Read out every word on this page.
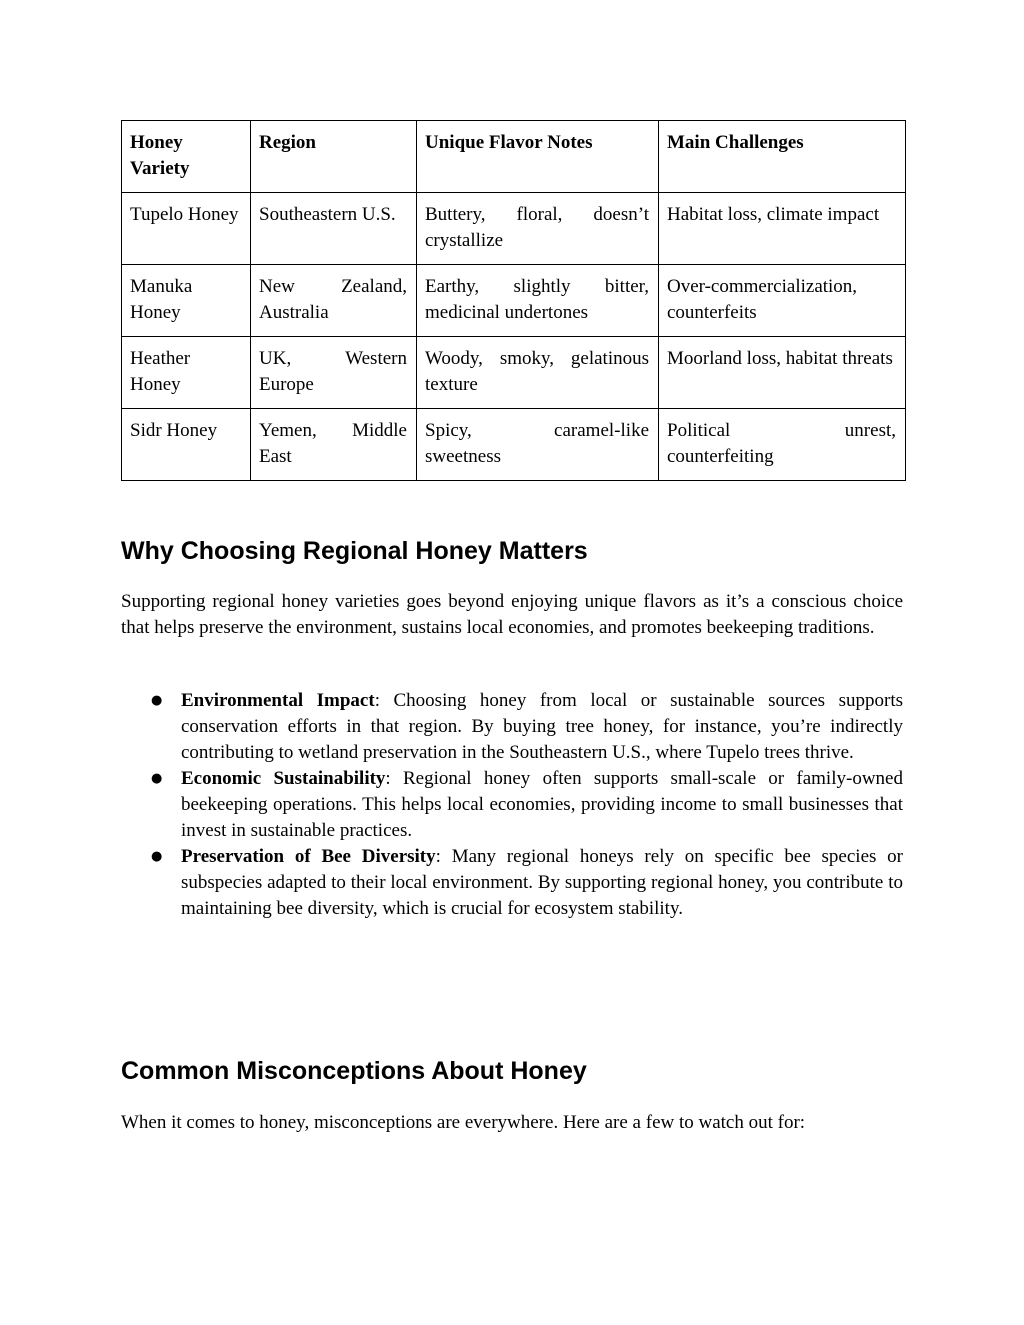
Honey Variety	Region	Unique Flavor Notes	Main Challenges
Tupelo Honey	Southeastern U.S.	Buttery, floral, doesn’t crystallize	Habitat loss, climate impact
Manuka Honey	New Zealand, Australia	Earthy, slightly bitter, medicinal undertones	Over-commercialization, counterfeits
Heather Honey	UK, Western Europe	Woody, smoky, gelatinous texture	Moorland loss, habitat threats
Sidr Honey	Yemen, Middle East	Spicy, caramel-like sweetness	Political unrest, counterfeiting
Why Choosing Regional Honey Matters

Supporting regional honey varieties goes beyond enjoying unique flavors as it’s a conscious choice that helps preserve the environment, sustains local economies, and promotes beekeeping traditions.

● Environmental Impact: Choosing honey from local or sustainable sources supports conservation efforts in that region. By buying tree honey, for instance, you’re indirectly contributing to wetland preservation in the Southeastern U.S., where Tupelo trees thrive.
● Economic Sustainability: Regional honey often supports small-scale or family-owned beekeeping operations. This helps local economies, providing income to small businesses that invest in sustainable practices.
● Preservation of Bee Diversity: Many regional honeys rely on specific bee species or subspecies adapted to their local environment. By supporting regional honey, you contribute to maintaining bee diversity, which is crucial for ecosystem stability.
Common Misconceptions About Honey

When it comes to honey, misconceptions are everywhere. Here are a few to watch out for:
